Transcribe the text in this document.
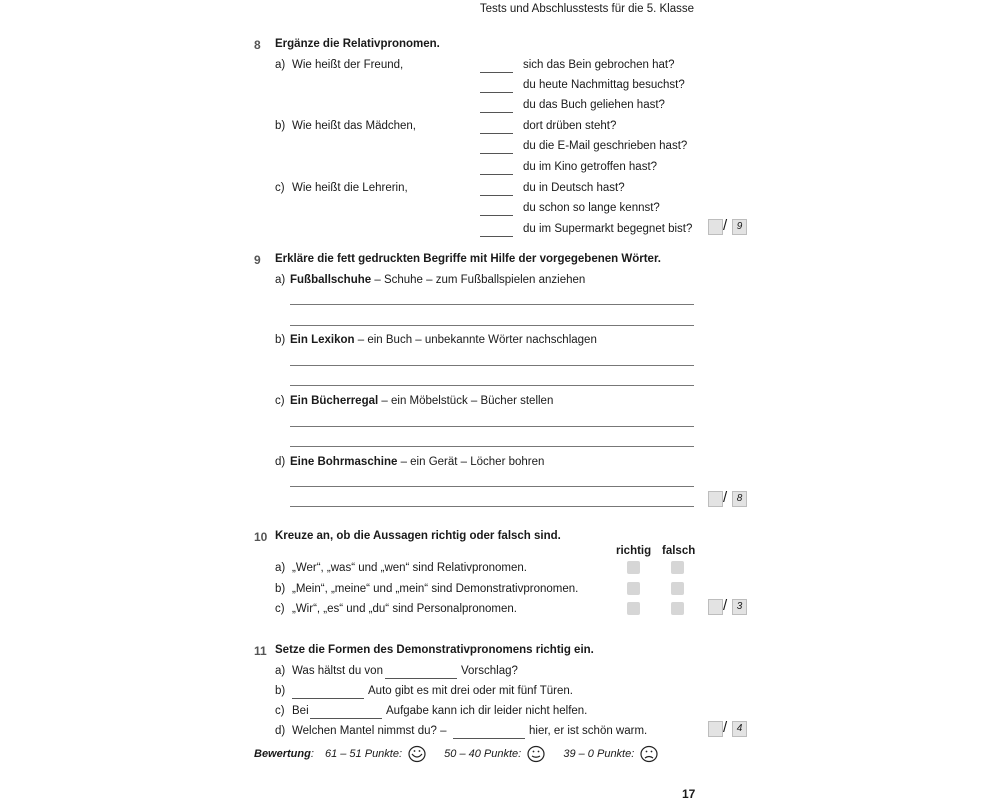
Tests und Abschlusstests für die 5. Klasse
8 Ergänze die Relativpronomen.
a) Wie heißt der Freund,	sich das Bein gebrochen hat?
du heute Nachmittag besuchst?
du das Buch geliehen hast?
b) Wie heißt das Mädchen,	dort drüben steht?
du die E-Mail geschrieben hast?
du im Kino getroffen hast?
c) Wie heißt die Lehrerin,	du in Deutsch hast?
du schon so lange kennst?
du im Supermarkt begegnet bist? / 9
9 Erkläre die fett gedruckten Begriffe mit Hilfe der vorgegebenen Wörter.
a) Fußballschuhe – Schuhe – zum Fußballspielen anziehen
b) Ein Lexikon – ein Buch – unbekannte Wörter nachschlagen
c) Ein Bücherregal – ein Möbelstück – Bücher stellen
d) Eine Bohrmaschine – ein Gerät – Löcher bohren
/ 8
10 Kreuze an, ob die Aussagen richtig oder falsch sind.
richtig falsch
a) „Wer“, „was“ und „wen“ sind Relativpronomen.
b) „Mein“, „meine“ und „mein“ sind Demonstrativpronomen.
c) „Wir“, „es“ und „du“ sind Personalpronomen.	/ 3
11 Setze die Formen des Demonstrativpronomens richtig ein.
a) Was hältst du von	Vorschlag?
b)	Auto gibt es mit drei oder mit fünf Türen.
c) Bei	Aufgabe kann ich dir leider nicht helfen.
d) Welchen Mantel nimmst du? –	hier, er ist schön warm.	/ 4
Bewertung: 61 – 51 Punkte:	50 – 40 Punkte:	39 – 0 Punkte:
17
